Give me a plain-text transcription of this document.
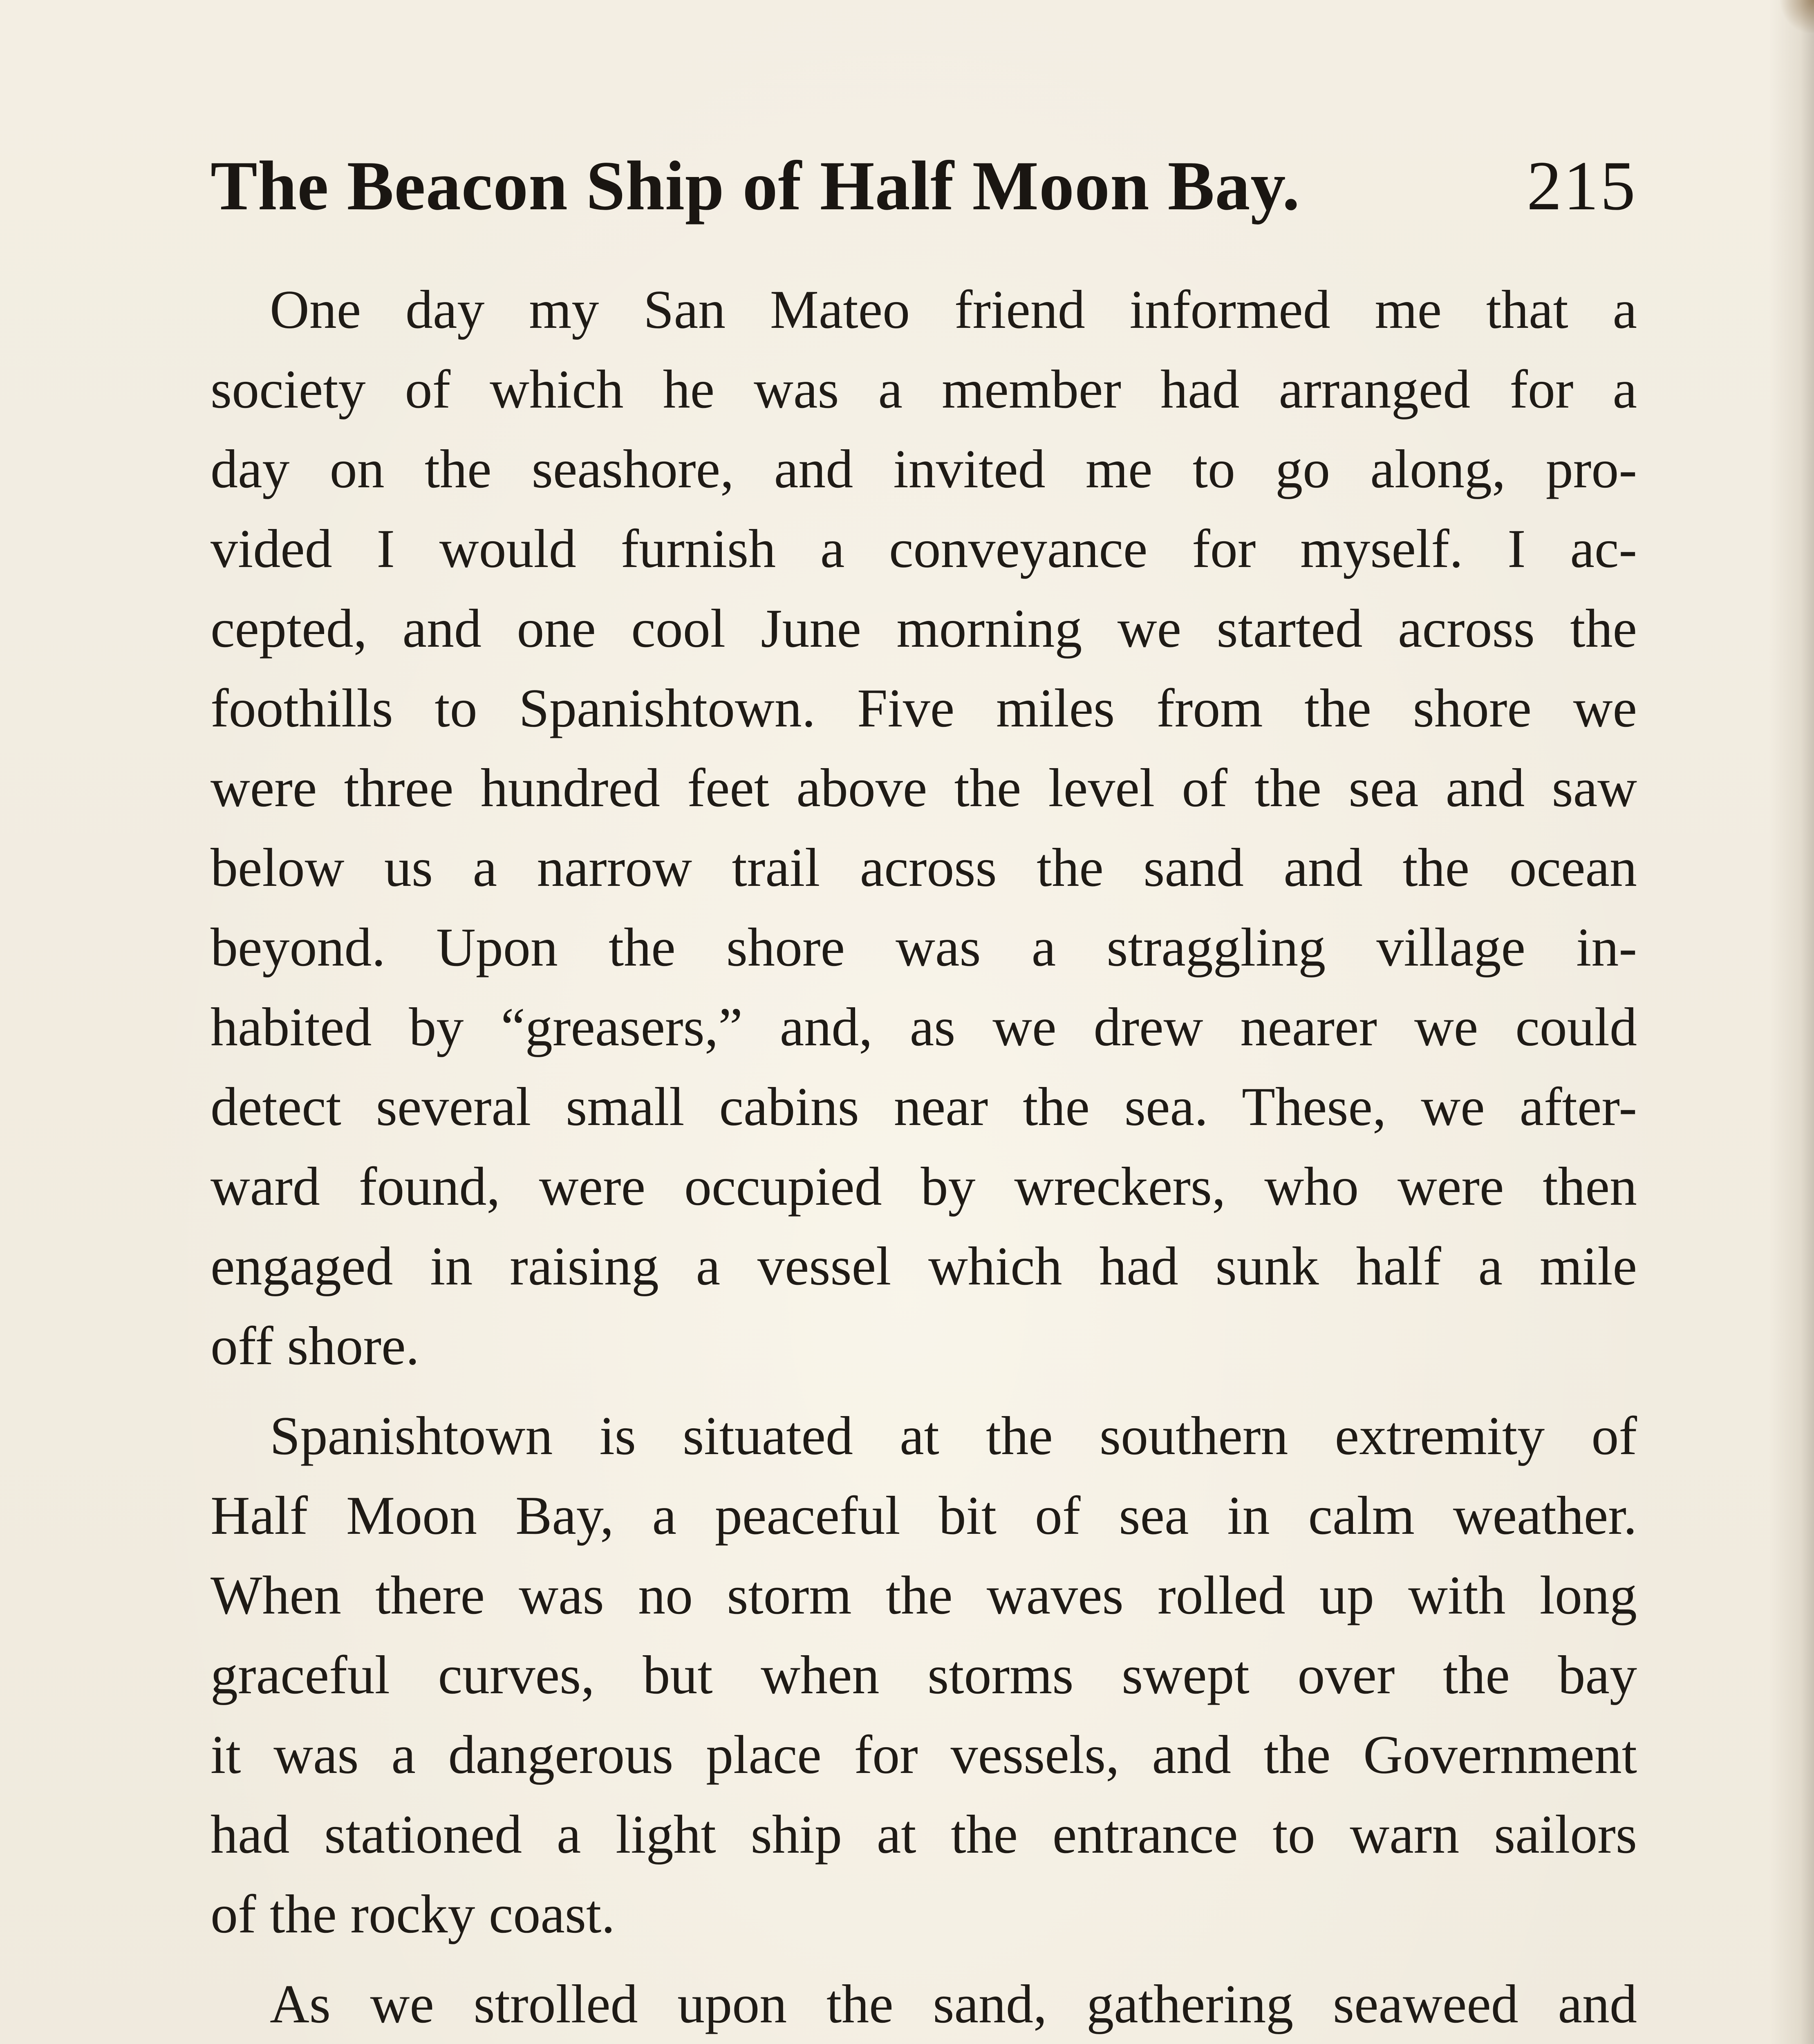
The Beacon Ship of Half Moon Bay.	215
One day my San Mateo friend informed me that a
society of which he was a member had arranged for a
day on the seashore, and invited me to go along, pro-
vided I would furnish a conveyance for myself. I ac-
cepted, and one cool June morning we started across the
foothills to Spanishtown. Five miles from the shore we
were three hundred feet above the level of the sea and saw
below us a narrow trail across the sand and the ocean
beyond. Upon the shore was a straggling village in-
habited by “greasers,” and, as we drew nearer we could
detect several small cabins near the sea. These, we after-
ward found, were occupied by wreckers, who were then
engaged in raising a vessel which had sunk half a mile
off shore.
Spanishtown is situated at the southern extremity of
Half Moon Bay, a peaceful bit of sea in calm weather.
When there was no storm the waves rolled up with long
graceful curves, but when storms swept over the bay
it was a dangerous place for vessels, and the Government
had stationed a light ship at the entrance to warn sailors
of the rocky coast.
As we strolled upon the sand, gathering seaweed and
